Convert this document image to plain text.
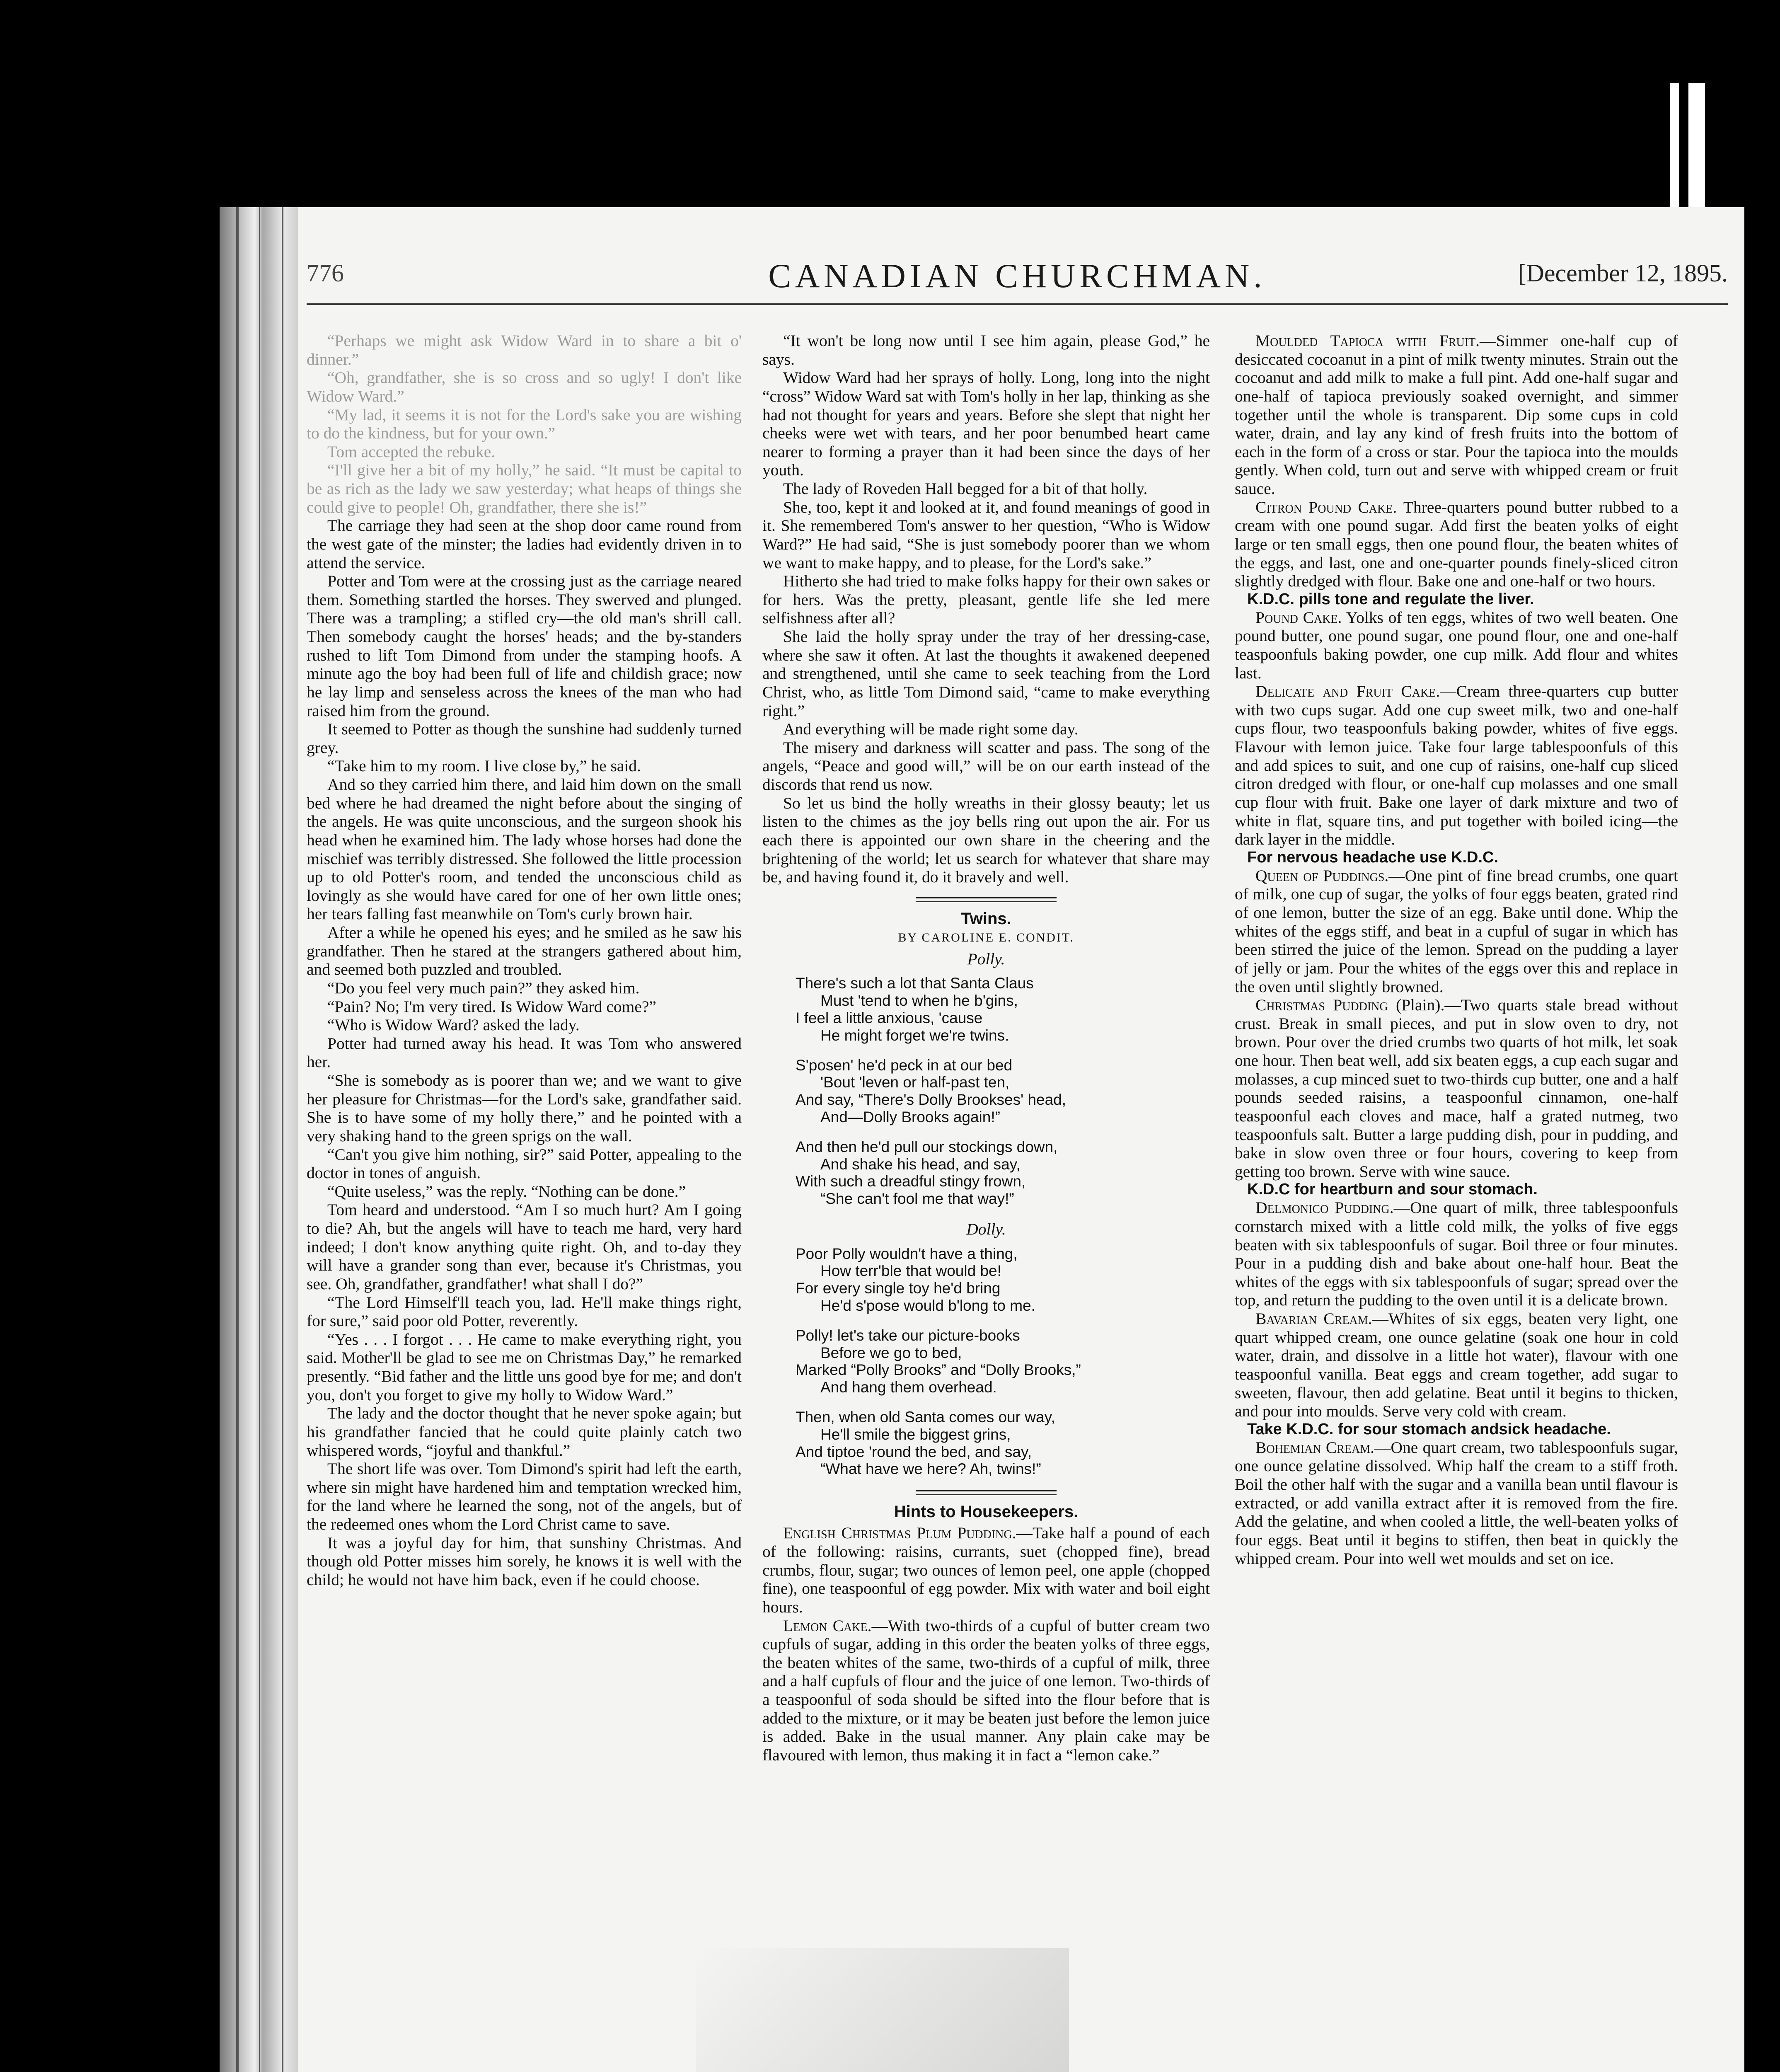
776	CANADIAN CHURCHMAN.	[December 12, 1895.

“Perhaps we might ask Widow Ward in to share a bit o' dinner.”

“Oh, grandfather, she is so cross and so ugly! I don't like Widow Ward.”

“My lad, it seems it is not for the Lord's sake you are wishing to do the kindness, but for your own.”

Tom accepted the rebuke.

“I'll give her a bit of my holly,” he said. “It must be capital to be as rich as the lady we saw yesterday; what heaps of things she could give to people! Oh, grandfather, there she is!”

The carriage they had seen at the shop door came round from the west gate of the minster; the ladies had evidently driven in to attend the service.

Potter and Tom were at the crossing just as the carriage neared them. Something startled the horses. They swerved and plunged. There was a trampling; a stifled cry—the old man's shrill call. Then somebody caught the horses' heads; and the by-standers rushed to lift Tom Dimond from under the stamping hoofs. A minute ago the boy had been full of life and childish grace; now he lay limp and senseless across the knees of the man who had raised him from the ground.

It seemed to Potter as though the sunshine had suddenly turned grey.

“Take him to my room. I live close by,” he said.

And so they carried him there, and laid him down on the small bed where he had dreamed the night before about the singing of the angels. He was quite unconscious, and the surgeon shook his head when he examined him. The lady whose horses had done the mischief was terribly distressed. She followed the little procession up to old Potter's room, and tended the unconscious child as lovingly as she would have cared for one of her own little ones; her tears falling fast meanwhile on Tom's curly brown hair.

After a while he opened his eyes; and he smiled as he saw his grandfather. Then he stared at the strangers gathered about him, and seemed both puzzled and troubled.

“Do you feel very much pain?” they asked him.

“Pain? No; I'm very tired. Is Widow Ward come?”

“Who is Widow Ward? asked the lady.

Potter had turned away his head. It was Tom who answered her.

“She is somebody as is poorer than we; and we want to give her pleasure for Christmas—for the Lord's sake, grandfather said. She is to have some of my holly there,” and he pointed with a very shaking hand to the green sprigs on the wall.

“Can't you give him nothing, sir?” said Potter, appealing to the doctor in tones of anguish.

“Quite useless,” was the reply. “Nothing can be done.”

Tom heard and understood. “Am I so much hurt? Am I going to die? Ah, but the angels will have to teach me hard, very hard indeed; I don't know anything quite right. Oh, and to-day they will have a grander song than ever, because it's Christmas, you see. Oh, grandfather, grandfather! what shall I do?”

“The Lord Himself'll teach you, lad. He'll make things right, for sure,” said poor old Potter, reverently.

“Yes . . . I forgot . . . He came to make everything right, you said. Mother'll be glad to see me on Christmas Day,” he remarked presently. “Bid father and the little uns good bye for me; and don't you, don't you forget to give my holly to Widow Ward.”

The lady and the doctor thought that he never spoke again; but his grandfather fancied that he could quite plainly catch two whispered words, “joyful and thankful.”

The short life was over. Tom Dimond's spirit had left the earth, where sin might have hardened him and temptation wrecked him, for the land where he learned the song, not of the angels, but of the redeemed ones whom the Lord Christ came to save.

It was a joyful day for him, that sunshiny Christmas. And though old Potter misses him sorely, he knows it is well with the child; he would not have him back, even if he could choose.

“It won't be long now until I see him again, please God,” he says.

Widow Ward had her sprays of holly. Long, long into the night “cross” Widow Ward sat with Tom's holly in her lap, thinking as she had not thought for years and years. Before she slept that night her cheeks were wet with tears, and her poor benumbed heart came nearer to forming a prayer than it had been since the days of her youth.

The lady of Roveden Hall begged for a bit of that holly.

She, too, kept it and looked at it, and found meanings of good in it. She remembered Tom's answer to her question, “Who is Widow Ward?” He had said, “She is just somebody poorer than we whom we want to make happy, and to please, for the Lord's sake.”

Hitherto she had tried to make folks happy for their own sakes or for hers. Was the pretty, pleasant, gentle life she led mere selfishness after all?

She laid the holly spray under the tray of her dressing-case, where she saw it often. At last the thoughts it awakened deepened and strengthened, until she came to seek teaching from the Lord Christ, who, as little Tom Dimond said, “came to make everything right.”

And everything will be made right some day.

The misery and darkness will scatter and pass. The song of the angels, “Peace and good will,” will be on our earth instead of the discords that rend us now.

So let us bind the holly wreaths in their glossy beauty; let us listen to the chimes as the joy bells ring out upon the air. For us each there is appointed our own share in the cheering and the brightening of the world; let us search for whatever that share may be, and having found it, do it bravely and well.

Twins.
BY CAROLINE E. CONDIT.
Polly.
There's such a lot that Santa Claus
Must 'tend to when he b'gins,
I feel a little anxious, 'cause
He might forget we're twins.
S'posen' he'd peck in at our bed
'Bout 'leven or half-past ten,
And say, “There's Dolly Brookses' head,
And—Dolly Brooks again!”
And then he'd pull our stockings down,
And shake his head, and say,
With such a dreadful stingy frown,
“She can't fool me that way!”
Dolly.
Poor Polly wouldn't have a thing,
How terr'ble that would be!
For every single toy he'd bring
He'd s'pose would b'long to me.
Polly! let's take our picture-books
Before we go to bed,
Marked “Polly Brooks” and “Dolly Brooks,”
And hang them overhead.
Then, when old Santa comes our way,
He'll smile the biggest grins,
And tiptoe 'round the bed, and say,
“What have we here? Ah, twins!”
Hints to Housekeepers.

English Christmas Plum Pudding.—Take half a pound of each of the following: raisins, currants, suet (chopped fine), bread crumbs, flour, sugar; two ounces of lemon peel, one apple (chopped fine), one teaspoonful of egg powder. Mix with water and boil eight hours.

Lemon Cake.—With two-thirds of a cupful of butter cream two cupfuls of sugar, adding in this order the beaten yolks of three eggs, the beaten whites of the same, two-thirds of a cupful of milk, three and a half cupfuls of flour and the juice of one lemon. Two-thirds of a teaspoonful of soda should be sifted into the flour before that is added to the mixture, or it may be beaten just before the lemon juice is added. Bake in the usual manner. Any plain cake may be flavoured with lemon, thus making it in fact a “lemon cake.”

Moulded Tapioca with Fruit.—Simmer one-half cup of desiccated cocoanut in a pint of milk twenty minutes. Strain out the cocoanut and add milk to make a full pint. Add one-half sugar and one-half of tapioca previously soaked overnight, and simmer together until the whole is transparent. Dip some cups in cold water, drain, and lay any kind of fresh fruits into the bottom of each in the form of a cross or star. Pour the tapioca into the moulds gently. When cold, turn out and serve with whipped cream or fruit sauce.

Citron Pound Cake. Three-quarters pound butter rubbed to a cream with one pound sugar. Add first the beaten yolks of eight large or ten small eggs, then one pound flour, the beaten whites of the eggs, and last, one and one-quarter pounds finely-sliced citron slightly dredged with flour. Bake one and one-half or two hours.

K.D.C. pills tone and regulate the liver.

Pound Cake. Yolks of ten eggs, whites of two well beaten. One pound butter, one pound sugar, one pound flour, one and one-half teaspoonfuls baking powder, one cup milk. Add flour and whites last.

Delicate and Fruit Cake.—Cream three-quarters cup butter with two cups sugar. Add one cup sweet milk, two and one-half cups flour, two teaspoonfuls baking powder, whites of five eggs. Flavour with lemon juice. Take four large tablespoonfuls of this and add spices to suit, and one cup of raisins, one-half cup sliced citron dredged with flour, or one-half cup molasses and one small cup flour with fruit. Bake one layer of dark mixture and two of white in flat, square tins, and put together with boiled icing—the dark layer in the middle.

For nervous headache use K.D.C.

Queen of Puddings.—One pint of fine bread crumbs, one quart of milk, one cup of sugar, the yolks of four eggs beaten, grated rind of one lemon, butter the size of an egg. Bake until done. Whip the whites of the eggs stiff, and beat in a cupful of sugar in which has been stirred the juice of the lemon. Spread on the pudding a layer of jelly or jam. Pour the whites of the eggs over this and replace in the oven until slightly browned.

Christmas Pudding (Plain).—Two quarts stale bread without crust. Break in small pieces, and put in slow oven to dry, not brown. Pour over the dried crumbs two quarts of hot milk, let soak one hour. Then beat well, add six beaten eggs, a cup each sugar and molasses, a cup minced suet to two-thirds cup butter, one and a half pounds seeded raisins, a teaspoonful cinnamon, one-half teaspoonful each cloves and mace, half a grated nutmeg, two teaspoonfuls salt. Butter a large pudding dish, pour in pudding, and bake in slow oven three or four hours, covering to keep from getting too brown. Serve with wine sauce.

K.D.C for heartburn and sour stomach.

Delmonico Pudding.—One quart of milk, three tablespoonfuls cornstarch mixed with a little cold milk, the yolks of five eggs beaten with six tablespoonfuls of sugar. Boil three or four minutes. Pour in a pudding dish and bake about one-half hour. Beat the whites of the eggs with six tablespoonfuls of sugar; spread over the top, and return the pudding to the oven until it is a delicate brown.

Bavarian Cream.—Whites of six eggs, beaten very light, one quart whipped cream, one ounce gelatine (soak one hour in cold water, drain, and dissolve in a little hot water), flavour with one teaspoonful vanilla. Beat eggs and cream together, add sugar to sweeten, flavour, then add gelatine. Beat until it begins to thicken, and pour into moulds. Serve very cold with cream.

Take K.D.C. for sour stomach andsick headache.

Bohemian Cream.—One quart cream, two tablespoonfuls sugar, one ounce gelatine dissolved. Whip half the cream to a stiff froth. Boil the other half with the sugar and a vanilla bean until flavour is extracted, or add vanilla extract after it is removed from the fire. Add the gelatine, and when cooled a little, the well-beaten yolks of four eggs. Beat until it begins to stiffen, then beat in quickly the whipped cream. Pour into well wet moulds and set on ice.
